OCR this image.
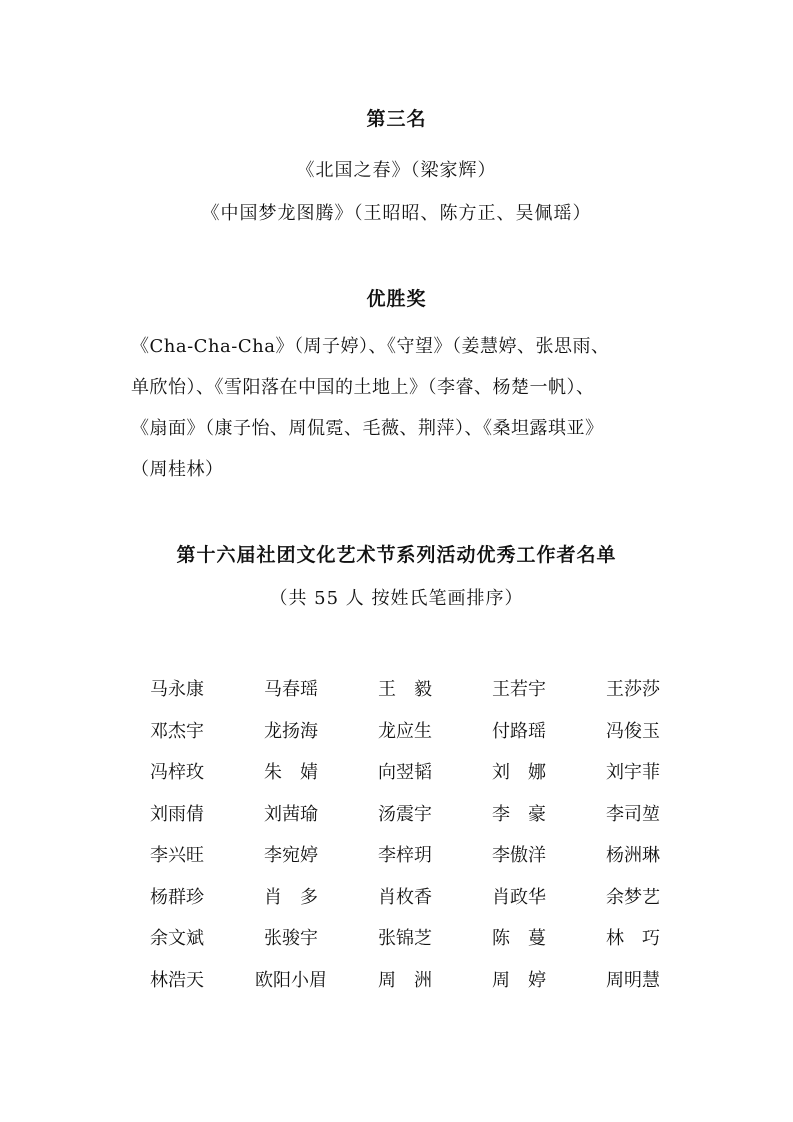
第三名
《北国之春》（梁家辉）
《中国梦龙图腾》（王昭昭、陈方正、吴佩瑶）
优胜奖

《Cha-Cha-Cha》（周子婷）、《守望》（姜慧婷、张思雨、

单欣怡）、《雪阳落在中国的土地上》（李睿、杨楚一帆）、

《扇面》（康子怡、周侃霓、毛薇、荆萍）、《桑坦露琪亚》

（周桂林）

第十六届社团文化艺术节系列活动优秀工作者名单
（共 55 人 按姓氏笔画排序）
马永康	马春瑶	王　毅	王若宇	王莎莎
邓杰宇	龙扬海	龙应生	付路瑶	冯俊玉
冯梓玫	朱　婧	向翌韬	刘　娜	刘宇菲
刘雨倩	刘茜瑜	汤震宇	李　豪	李司堃
李兴旺	李宛婷	李梓玥	李傲洋	杨洲琳
杨群珍	肖　多	肖枚香	肖政华	余梦艺
余文斌	张骏宇	张锦芝	陈　蔓	林　巧
林浩天	欧阳小眉	周　洲	周　婷	周明慧
